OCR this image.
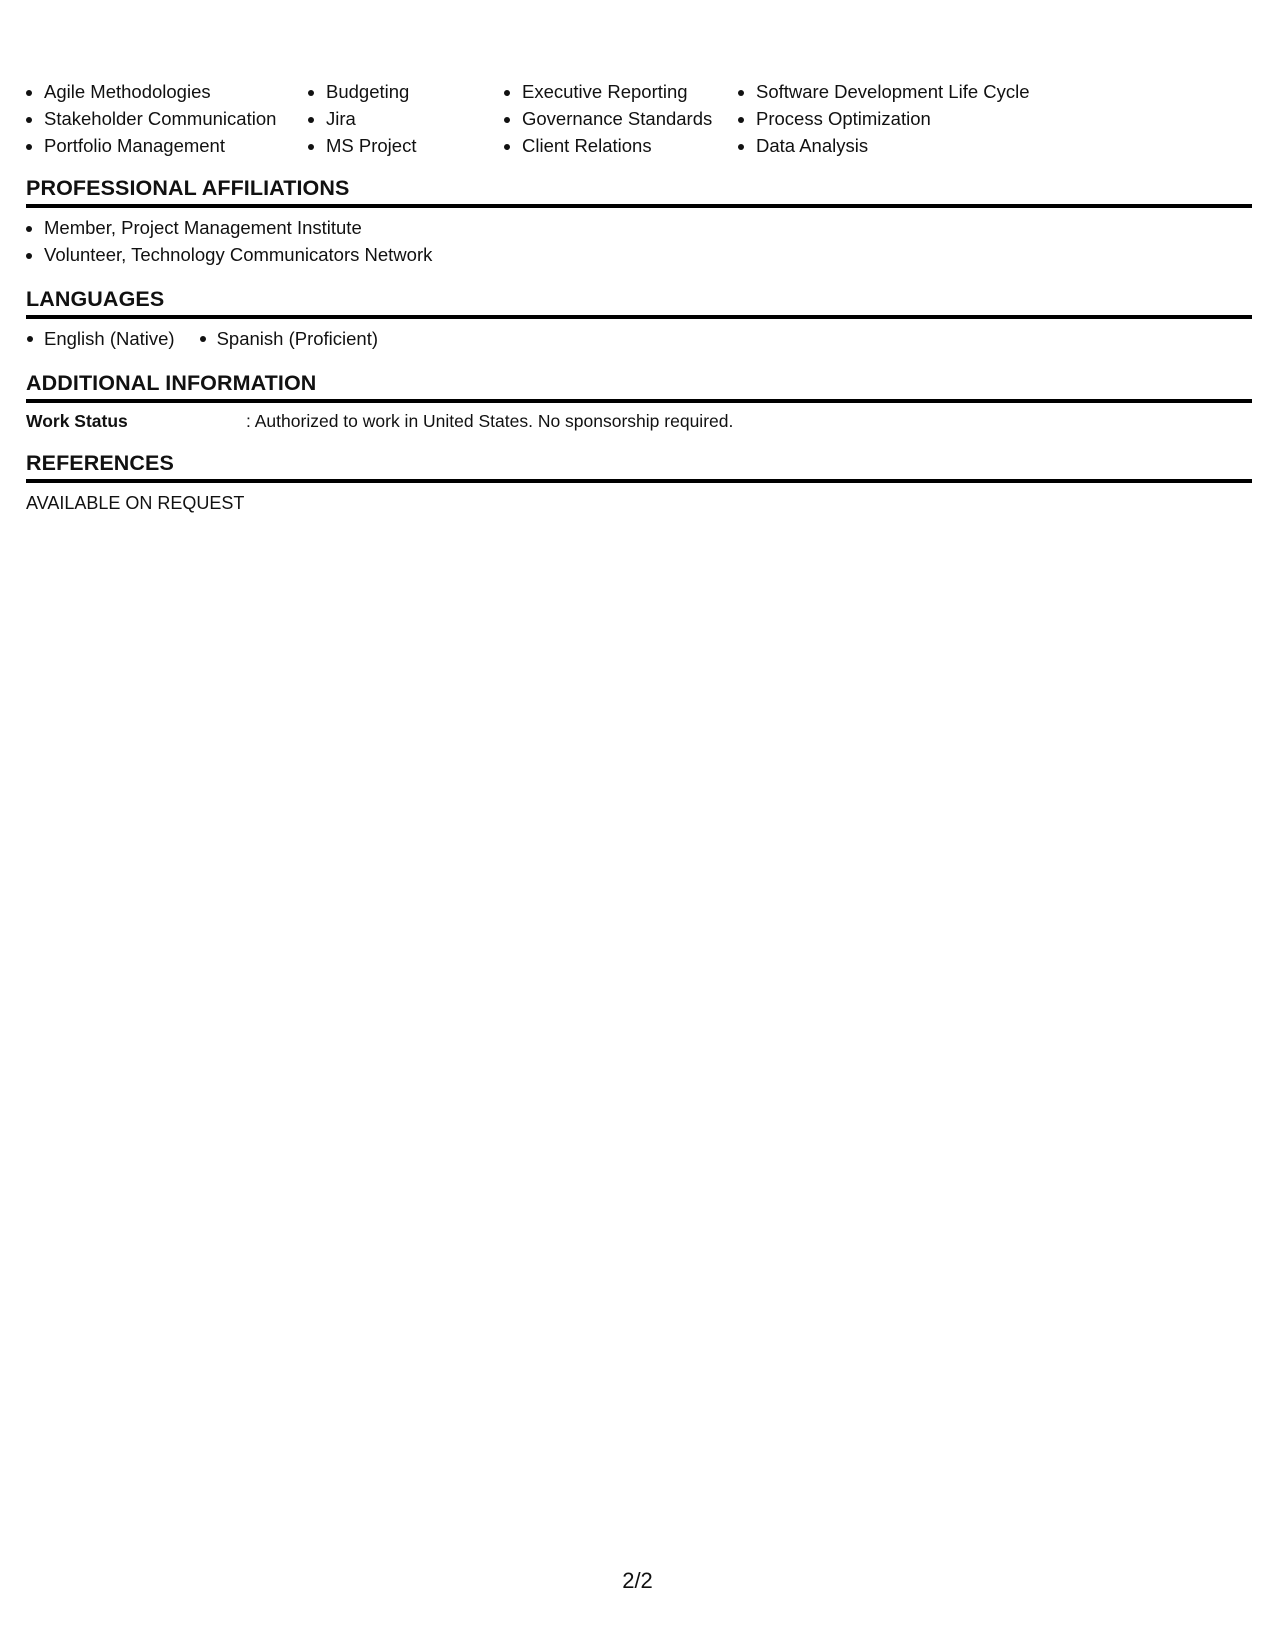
• Agile Methodologies
• Stakeholder Communication
• Portfolio Management
• Budgeting
• Jira
• MS Project
• Executive Reporting
• Governance Standards
• Client Relations
• Software Development Life Cycle
• Process Optimization
• Data Analysis
PROFESSIONAL AFFILIATIONS
• Member, Project Management Institute
• Volunteer, Technology Communicators Network
LANGUAGES
English (Native)	Spanish (Proficient)
ADDITIONAL INFORMATION
Work Status	: Authorized to work in United States. No sponsorship required.
REFERENCES
AVAILABLE ON REQUEST
2/2
